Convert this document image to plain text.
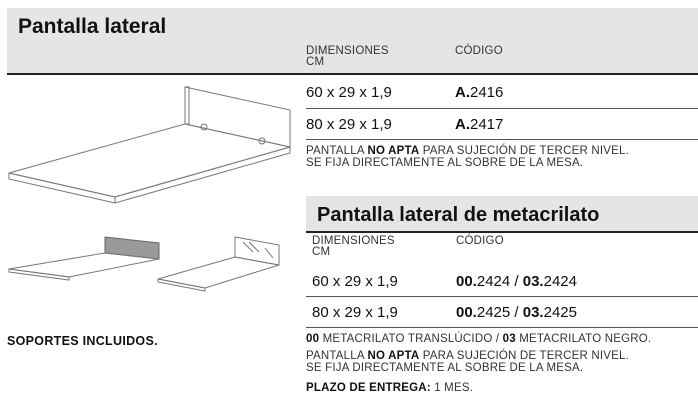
Pantalla lateral
DIMENSIONES
CM
CÓDIGO
60 x 29 x 1,9	A.2416
80 x 29 x 1,9	A.2417
PANTALLA NO APTA PARA SUJECIÓN DE TERCER NIVEL.
SE FIJA DIRECTAMENTE AL SOBRE DE LA MESA.
Pantalla lateral de metacrilato
DIMENSIONES
CM
CÓDIGO
60 x 29 x 1,9	00.2424 / 03.2424
80 x 29 x 1,9	00.2425 / 03.2425
00 METACRILATO TRANSLÚCIDO / 03 METACRILATO NEGRO.
PANTALLA NO APTA PARA SUJECIÓN DE TERCER NIVEL.
SE FIJA DIRECTAMENTE AL SOBRE DE LA MESA.
PLAZO DE ENTREGA: 1 MES.
SOPORTES INCLUIDOS.
